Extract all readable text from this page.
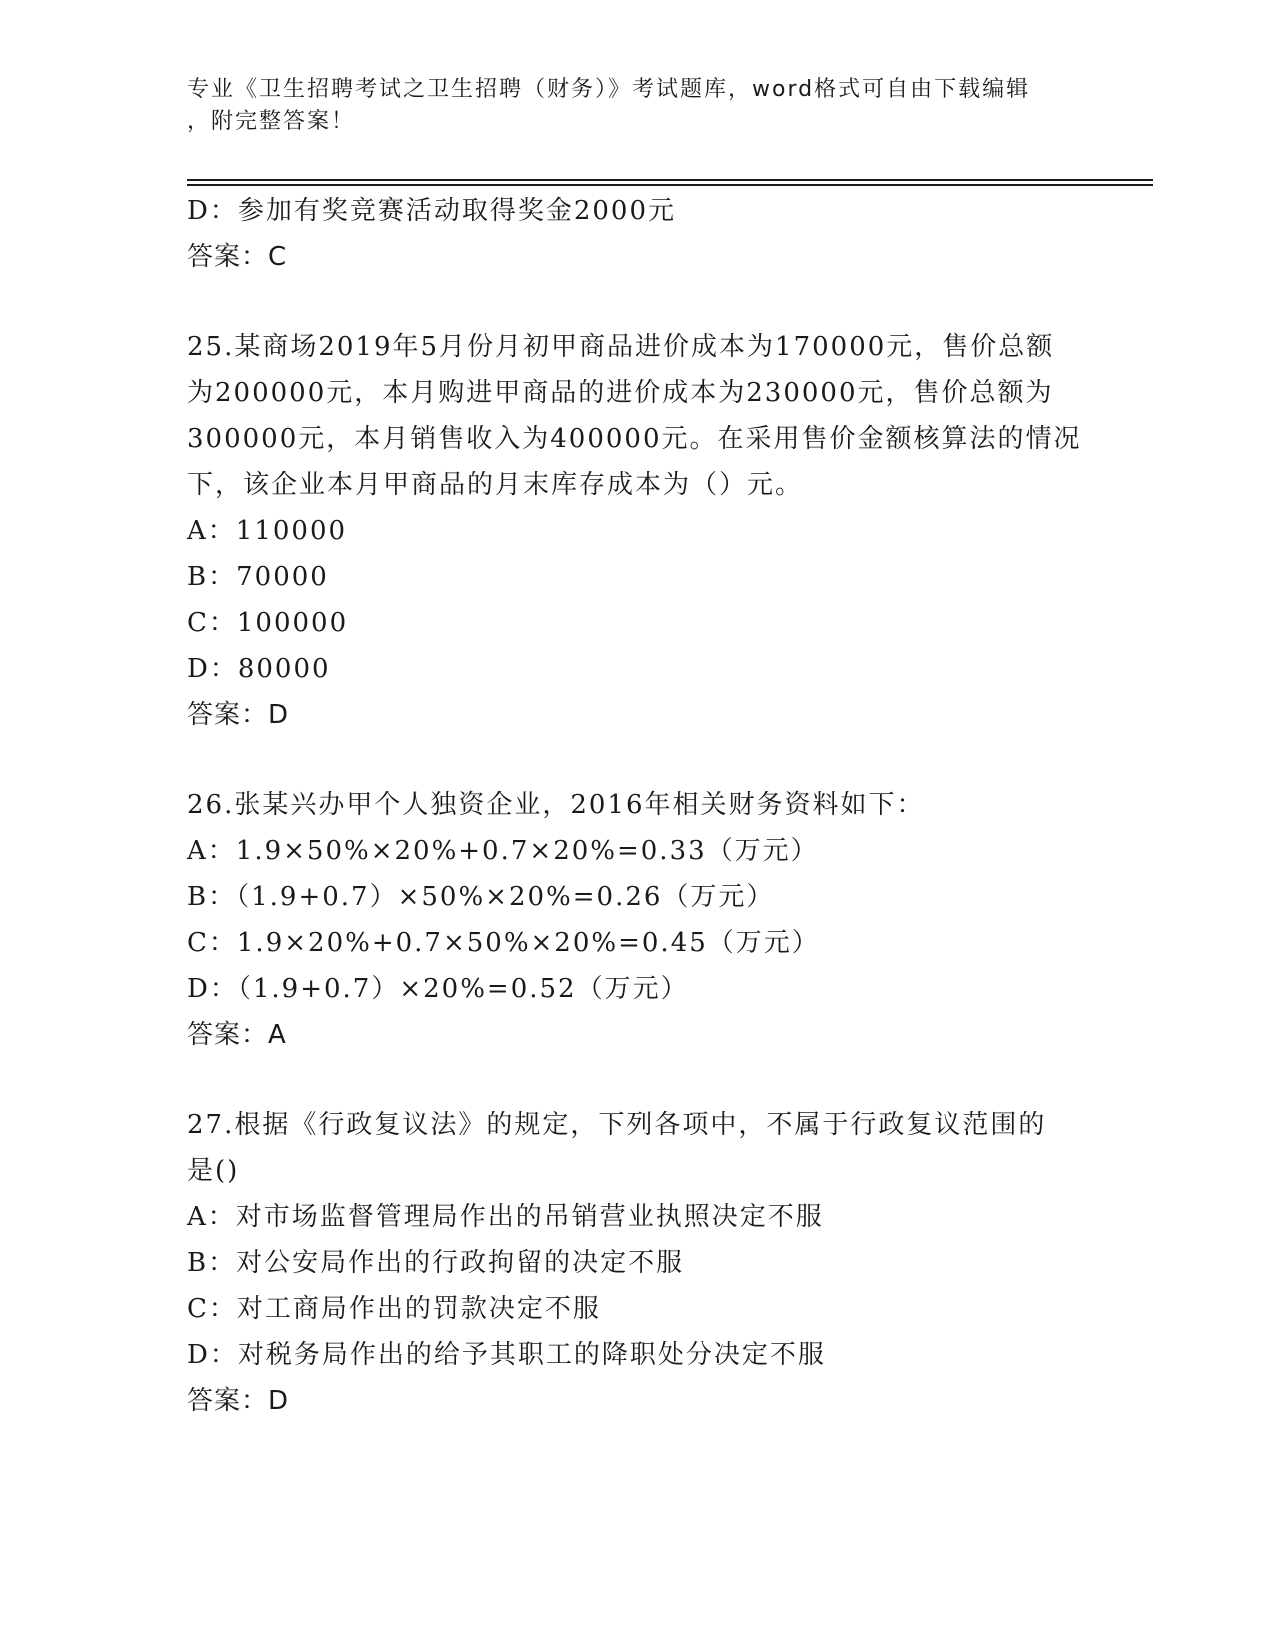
专业《卫生招聘考试之卫生招聘（财务）》考试题库，word格式可自由下载编辑
，附完整答案！
D：参加有奖竞赛活动取得奖金2000元
答案：C
25.某商场2019年5月份月初甲商品进价成本为170000元，售价总额
为200000元，本月购进甲商品的进价成本为230000元，售价总额为
300000元，本月销售收入为400000元。在采用售价金额核算法的情况
下，该企业本月甲商品的月末库存成本为（）元。
A：110000
B：70000
C：100000
D：80000
答案：D
26.张某兴办甲个人独资企业，2016年相关财务资料如下：
A：1.9×50%×20%+0.7×20%=0.33（万元）
B：（1.9+0.7）×50%×20%=0.26（万元）
C：1.9×20%+0.7×50%×20%=0.45（万元）
D：（1.9+0.7）×20%=0.52（万元）
答案：A
27.根据《行政复议法》的规定，下列各项中，不属于行政复议范围的
是()
A：对市场监督管理局作出的吊销营业执照决定不服
B：对公安局作出的行政拘留的决定不服
C：对工商局作出的罚款决定不服
D：对税务局作出的给予其职工的降职处分决定不服
答案：D
